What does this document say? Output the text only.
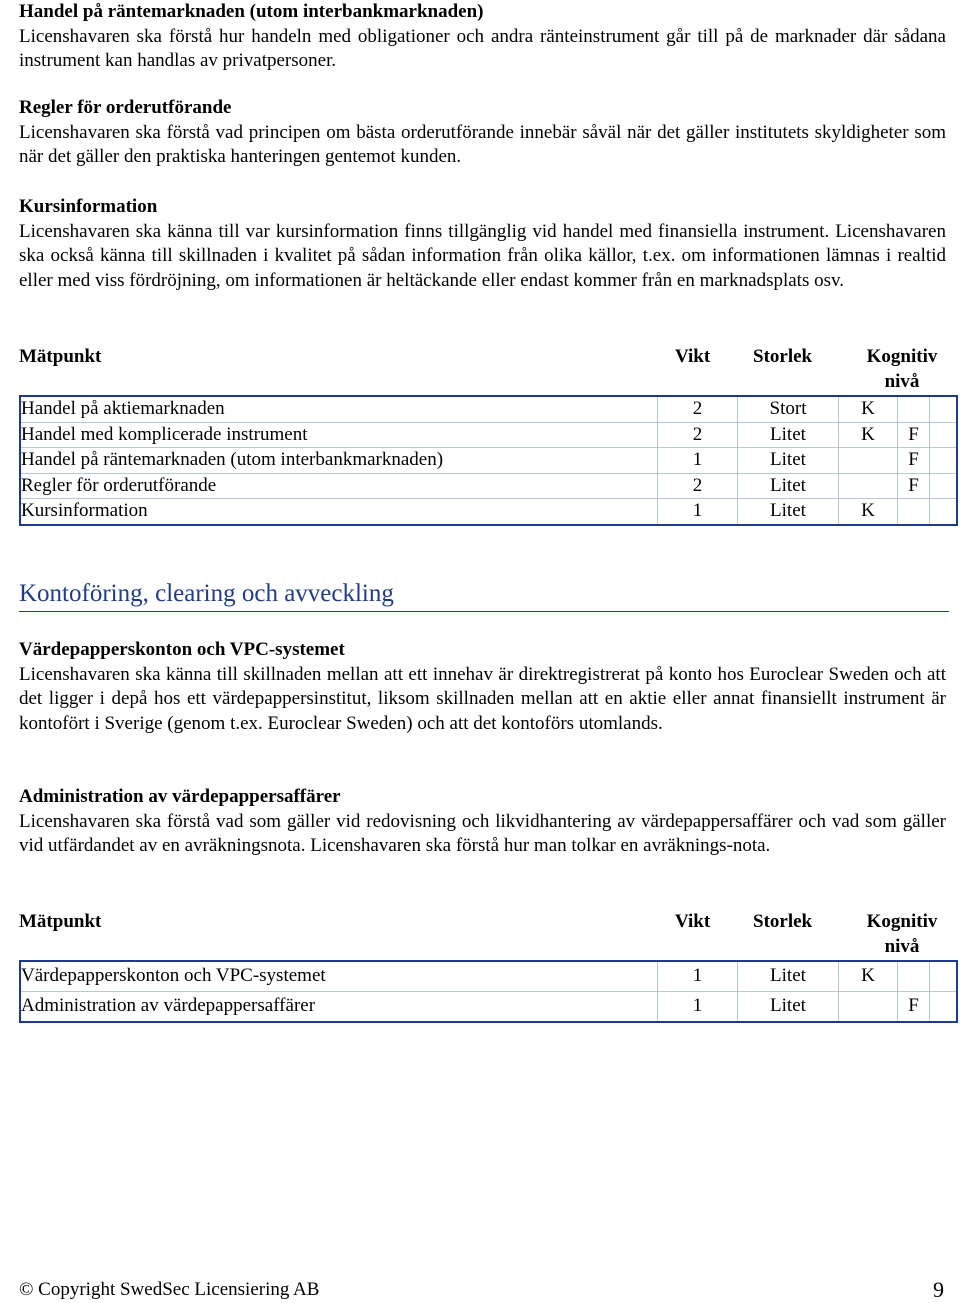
Handel på räntemarknaden (utom interbankmarknaden)

Licenshavaren ska förstå hur handeln med obligationer och andra ränteinstrument går till på de marknader där sådana instrument kan handlas av privatpersoner.

Regler för orderutförande

Licenshavaren ska förstå vad principen om bästa orderutförande innebär såväl när det gäller institutets skyldigheter som när det gäller den praktiska hanteringen gentemot kunden.

Kursinformation

Licenshavaren ska känna till var kursinformation finns tillgänglig vid handel med finansiella instrument. Licenshavaren ska också känna till skillnaden i kvalitet på sådan information från olika källor, t.ex. om informationen lämnas i realtid eller med viss fördröjning, om informationen är heltäckande eller endast kommer från en marknadsplats osv.

Mätpunkt	Vikt Storlek	Kognitiv
nivå
Handel på aktiemarknaden	2	Stort	K		
Handel med komplicerade instrument	2	Litet	K	F	
Handel på räntemarknaden (utom interbankmarknaden)	1	Litet		F	
Regler för orderutförande	2	Litet		F	
Kursinformation	1	Litet	K		
Kontoföring, clearing och avveckling

Värdepapperskonton och VPC-systemet

Licenshavaren ska känna till skillnaden mellan att ett innehav är direktregistrerat på konto hos Euroclear Sweden och att det ligger i depå hos ett värdepappersinstitut, liksom skillnaden mellan att en aktie eller annat finansiellt instrument är kontofört i Sverige (genom t.ex. Euroclear Sweden) och att det kontoförs utomlands.

Administration av värdepappersaffärer

Licenshavaren ska förstå vad som gäller vid redovisning och likvidhantering av värdepappersaffärer och vad som gäller vid utfärdandet av en avräkningsnota. Licenshavaren ska förstå hur man tolkar en avräknings-nota.

Mätpunkt	Vikt Storlek	Kognitiv
nivå
Värdepapperskonton och VPC-systemet	1	Litet	K		
Administration av värdepappersaffärer	1	Litet		F	
© Copyright SwedSec Licensiering AB	9
